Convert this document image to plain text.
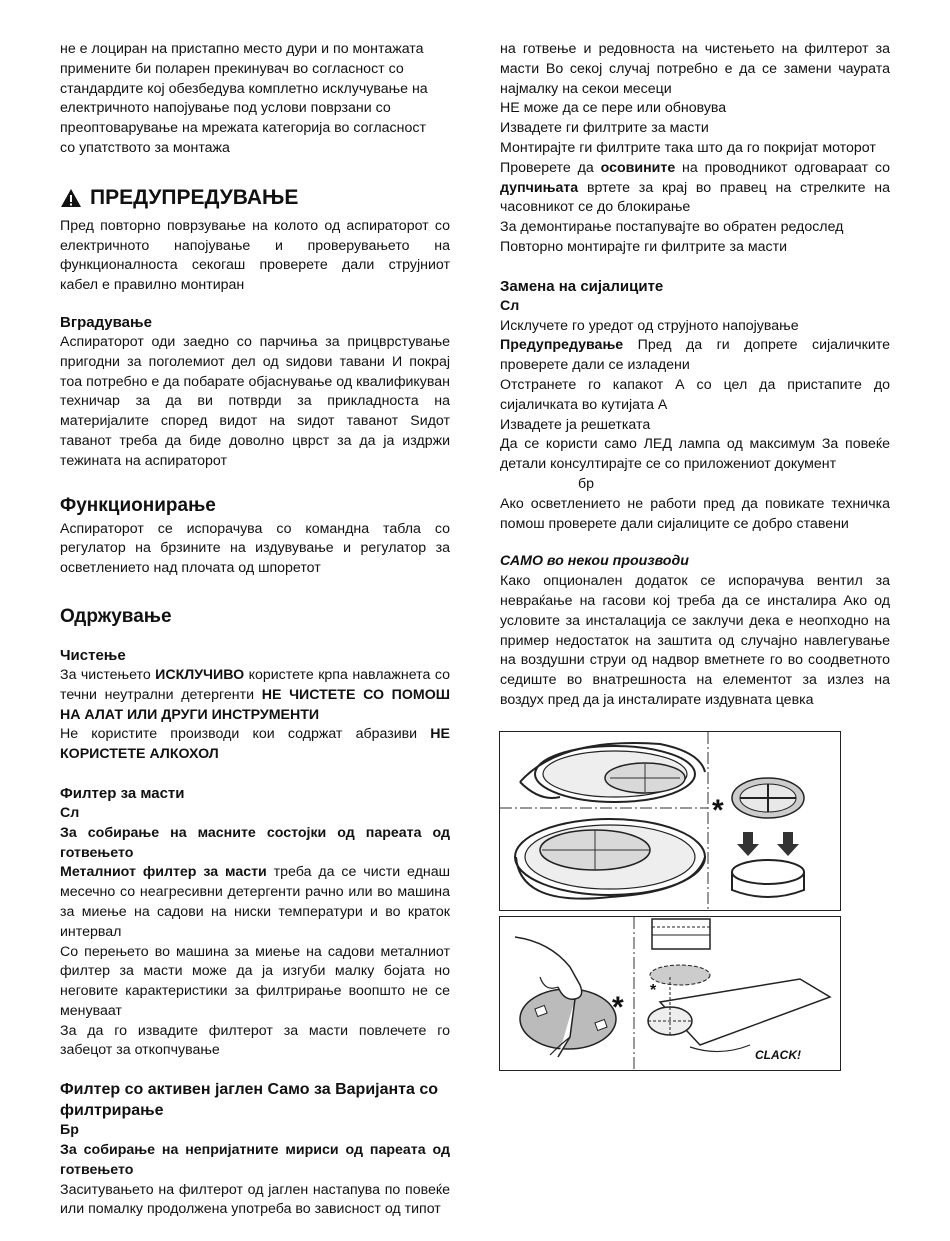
не е лоциран на пристапно место дури и по монтажата

примените би поларен прекинувач во согласност со

стандардите кој обезбедува комплетно исклучување на

електричното напојување под услови поврзани со

преоптоварување на мрежата категорија во согласност

со упатството за монтажа

ПРЕДУПРЕДУВАЊЕ

Пред повторно поврзување на колото од аспираторот со електричното напојување и проверувањето на функционалноста секогаш проверете дали струјниот кабел е правилно монтиран

Вградување

Аспираторот оди заедно со парчиња за прицврстување пригодни за поголемиот дел од ѕидови тавани И покрај тоа потребно е да побарате објаснување од квалификуван техничар за да ви потврди за прикладноста на материјалите според видот на ѕидот тавaнот Ѕидот тавaнот треба да биде доволно цврст за да ја издржи тежината на аспираторот

Функционирање

Аспираторот се испорачува со командна табла со регулатор на брзините на издувување и регулатор за осветлението над плочата од шпоретот

Одржување
Чистење

За чистењето ИСКЛУЧИВО користете крпа навлажнета со течни неутрални детергенти НЕ ЧИСТЕТЕ СО ПОМОШ НА АЛАТ ИЛИ ДРУГИ ИНСТРУМЕНТИ

Не користите производи кои содржат абразиви НЕ КОРИСТЕТЕ АЛКОХОЛ

Филтер за масти

Сл

За собирање на масните состојки од пареата од готвењето

Металниот филтер за масти треба да се чисти еднаш месечно со неагресивни детергенти рачно или во машина за миење на садови на ниски температури и во краток интервал

Со перењето во машина за миење на садови металниот филтер за масти може да ја изгуби малку бојата но неговите карактеристики за филтрирање воопшто не се менуваат

За да го извадите филтерот за масти повлечете го забецот за откопчување

Филтер со активен јаглен Само за Варијанта со филтрирање

Бр

За собирање на непријатните мириси од пареата од готвењето

Заситувањето на филтерот од јаглен настапува по повеќе или помалку продолжена употреба во зависност од типот

на готвење и редовноста на чистењето на филтерот за масти Во секој случај потребно е да се замени чаурата најмалку на секои месеци

НЕ може да се пере или обновува

Извадете ги филтрите за масти

Монтирајте ги филтрите така што да го покријат моторот

Проверете да осовините на проводникот одговараат со дупчињата вртете за крај во правец на стрелките на часовникот се до блокирање

За демонтирање постапувајте во обратен редослед

Повторно монтирајте ги филтрите за масти

Замена на сијалиците

Сл

Исклучете го уредот од струјното напојување

Предупредување Пред да ги допрете сијаличките проверете дали се изладени

Отстранете го капакот А со цел да пристапите до сијаличката во кутијата А

Извадете ја решетката

Да се користи само ЛЕД лампа од максимум За повеќе детали консултирајте се со приложениот документ

бр

Ако осветлението не работи пред да повикате техничка помош проверете дали сијалиците се добро ставени

САМО во некои производи

Како опционален додаток се испорачува вентил за невраќање на гасови кој треба да се инсталира Ако од условите за инсталација се заклучи дека е неопходно на пример недостаток на заштита од случајно навлегување на воздушни струи од надвор вметнете го во соодветното седиште во внатрешноста на елементот за излез на воздух пред да ја инсталирате издувната цевка

*
*
*
CLACK!
